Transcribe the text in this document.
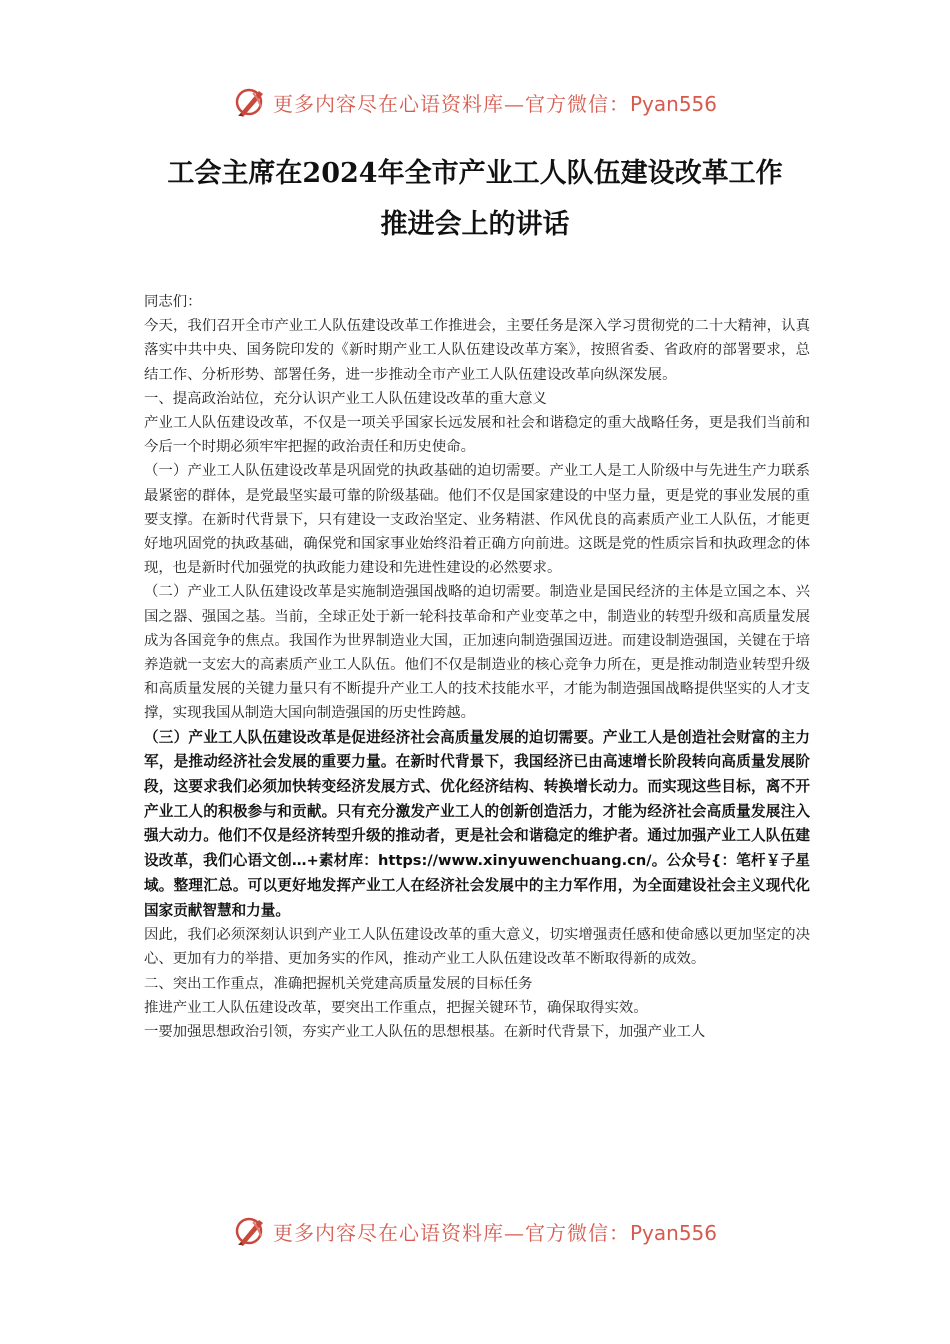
更多内容尽在心语资料库—官方微信：Pyan556
工会主席在2024年全市产业工人队伍建设改革工作
推进会上的讲话

同志们：

今天，我们召开全市产业工人队伍建设改革工作推进会，主要任务是深入学习贯彻党的二十大精神，认真落实中共中央、国务院印发的《新时期产业工人队伍建设改革方案》，按照省委、省政府的部署要求，总结工作、分析形势、部署任务，进一步推动全市产业工人队伍建设改革向纵深发展。

一、提高政治站位，充分认识产业工人队伍建设改革的重大意义

产业工人队伍建设改革，不仅是一项关乎国家长远发展和社会和谐稳定的重大战略任务，更是我们当前和今后一个时期必须牢牢把握的政治责任和历史使命。

（一）产业工人队伍建设改革是巩固党的执政基础的迫切需要。产业工人是工人阶级中与先进生产力联系最紧密的群体，是党最坚实最可靠的阶级基础。他们不仅是国家建设的中坚力量，更是党的事业发展的重要支撑。在新时代背景下，只有建设一支政治坚定、业务精湛、作风优良的高素质产业工人队伍，才能更好地巩固党的执政基础，确保党和国家事业始终沿着正确方向前进。这既是党的性质宗旨和执政理念的体现，也是新时代加强党的执政能力建设和先进性建设的必然要求。

（二）产业工人队伍建设改革是实施制造强国战略的迫切需要。制造业是国民经济的主体是立国之本、兴国之器、强国之基。当前，全球正处于新一轮科技革命和产业变革之中，制造业的转型升级和高质量发展成为各国竞争的焦点。我国作为世界制造业大国，正加速向制造强国迈进。而建设制造强国，关键在于培养造就一支宏大的高素质产业工人队伍。他们不仅是制造业的核心竞争力所在，更是推动制造业转型升级和高质量发展的关键力量只有不断提升产业工人的技术技能水平，才能为制造强国战略提供坚实的人才支撑，实现我国从制造大国向制造强国的历史性跨越。

（三）产业工人队伍建设改革是促进经济社会高质量发展的迫切需要。产业工人是创造社会财富的主力军，是推动经济社会发展的重要力量。在新时代背景下，我国经济已由高速增长阶段转向高质量发展阶段，这要求我们必须加快转变经济发展方式、优化经济结构、转换增长动力。而实现这些目标，离不开产业工人的积极参与和贡献。只有充分激发产业工人的创新创造活力，才能为经济社会高质量发展注入强大动力。他们不仅是经济转型升级的推动者，更是社会和谐稳定的维护者。通过加强产业工人队伍建设改革，我们心语文创…+素材库：https://www.xinyuwenchuang.cn/。公众号{：笔杆￥子星域。整理汇总。可以更好地发挥产业工人在经济社会发展中的主力军作用，为全面建设社会主义现代化国家贡献智慧和力量。

因此，我们必须深刻认识到产业工人队伍建设改革的重大意义，切实增强责任感和使命感以更加坚定的决心、更加有力的举措、更加务实的作风，推动产业工人队伍建设改革不断取得新的成效。

二、突出工作重点，准确把握机关党建高质量发展的目标任务

推进产业工人队伍建设改革，要突出工作重点，把握关键环节，确保取得实效。

一要加强思想政治引领，夯实产业工人队伍的思想根基。在新时代背景下，加强产业工人

更多内容尽在心语资料库—官方微信：Pyan556
